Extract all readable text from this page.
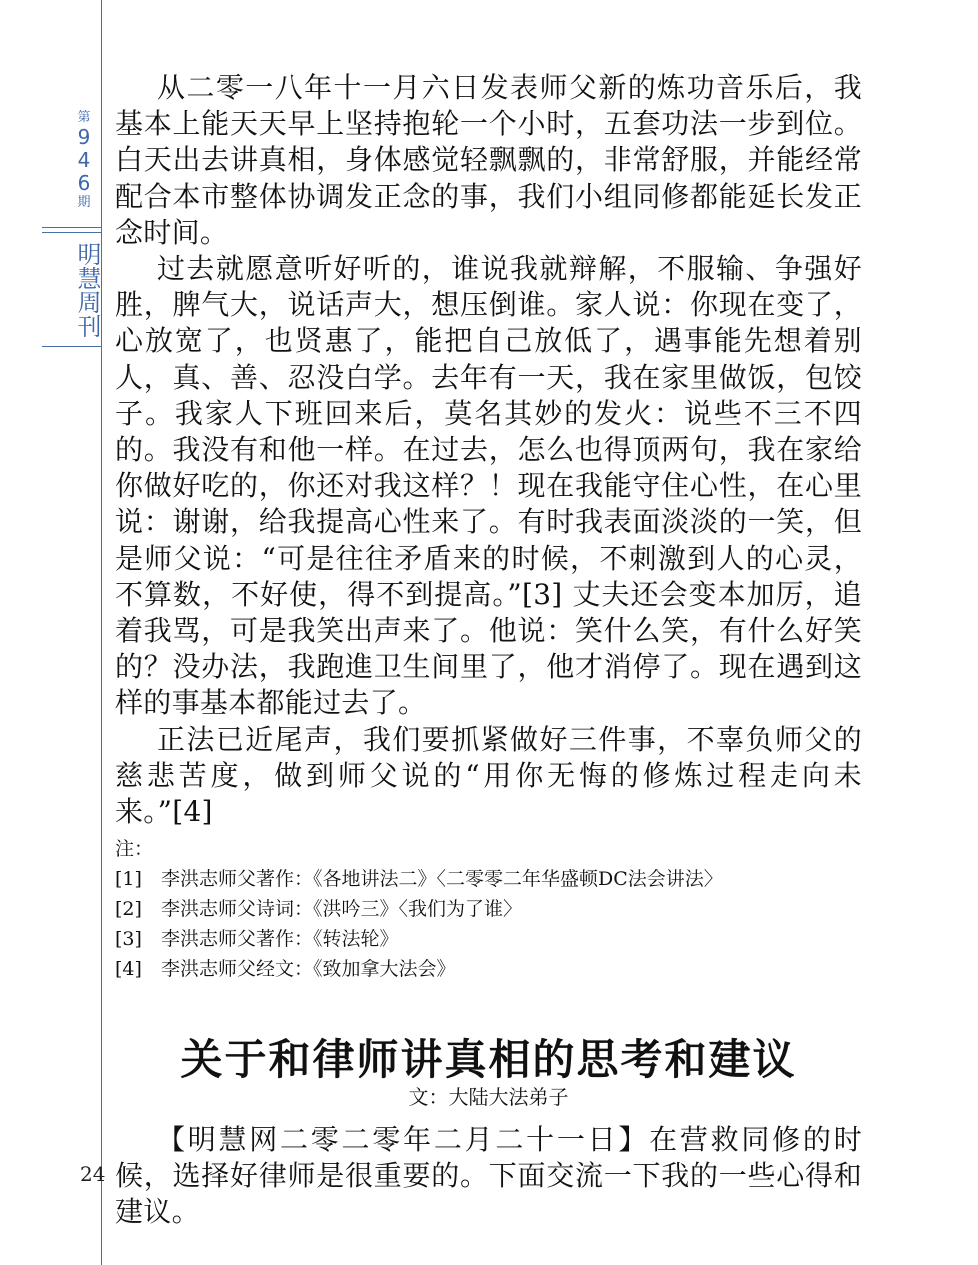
第
9
4
6
期
明慧周刊

从二零一八年十一月六日发表师父新的炼功音乐后，我基本上能天天早上坚持抱轮一个小时，五套功法一步到位。白天出去讲真相，身体感觉轻飘飘的，非常舒服，并能经常配合本市整体协调发正念的事，我们小组同修都能延长发正念时间。

过去就愿意听好听的，谁说我就辩解，不服输、争强好胜，脾气大，说话声大，想压倒谁。家人说：你现在变了，心放宽了，也贤惠了，能把自己放低了，遇事能先想着别人，真、善、忍没白学。去年有一天，我在家里做饭，包饺子。我家人下班回来后，莫名其妙的发火：说些不三不四的。我没有和他一样。在过去，怎么也得顶两句，我在家给你做好吃的，你还对我这样？！现在我能守住心性，在心里说：谢谢，给我提高心性来了。有时我表面淡淡的一笑，但是师父说：“可是往往矛盾来的时候，不刺激到人的心灵，不算数，不好使，得不到提高。”[3] 丈夫还会变本加厉，追着我骂，可是我笑出声来了。他说：笑什么笑，有什么好笑的？没办法，我跑進卫生间里了，他才消停了。现在遇到这样的事基本都能过去了。

正法已近尾声，我们要抓紧做好三件事，不辜负师父的慈悲苦度，做到师父说的“用你无悔的修炼过程走向未来。”[4]

注：
[1] 李洪志师父著作：《各地讲法二》〈二零零二年华盛顿DC法会讲法〉
[2] 李洪志师父诗词：《洪吟三》〈我们为了谁〉
[3] 李洪志师父著作：《转法轮》
[4] 李洪志师父经文：《致加拿大法会》
关于和律师讲真相的思考和建议
文：大陆大法弟子

【明慧网二零二零年二月二十一日】在营救同修的时候，选择好律师是很重要的。下面交流一下我的一些心得和建议。

24
